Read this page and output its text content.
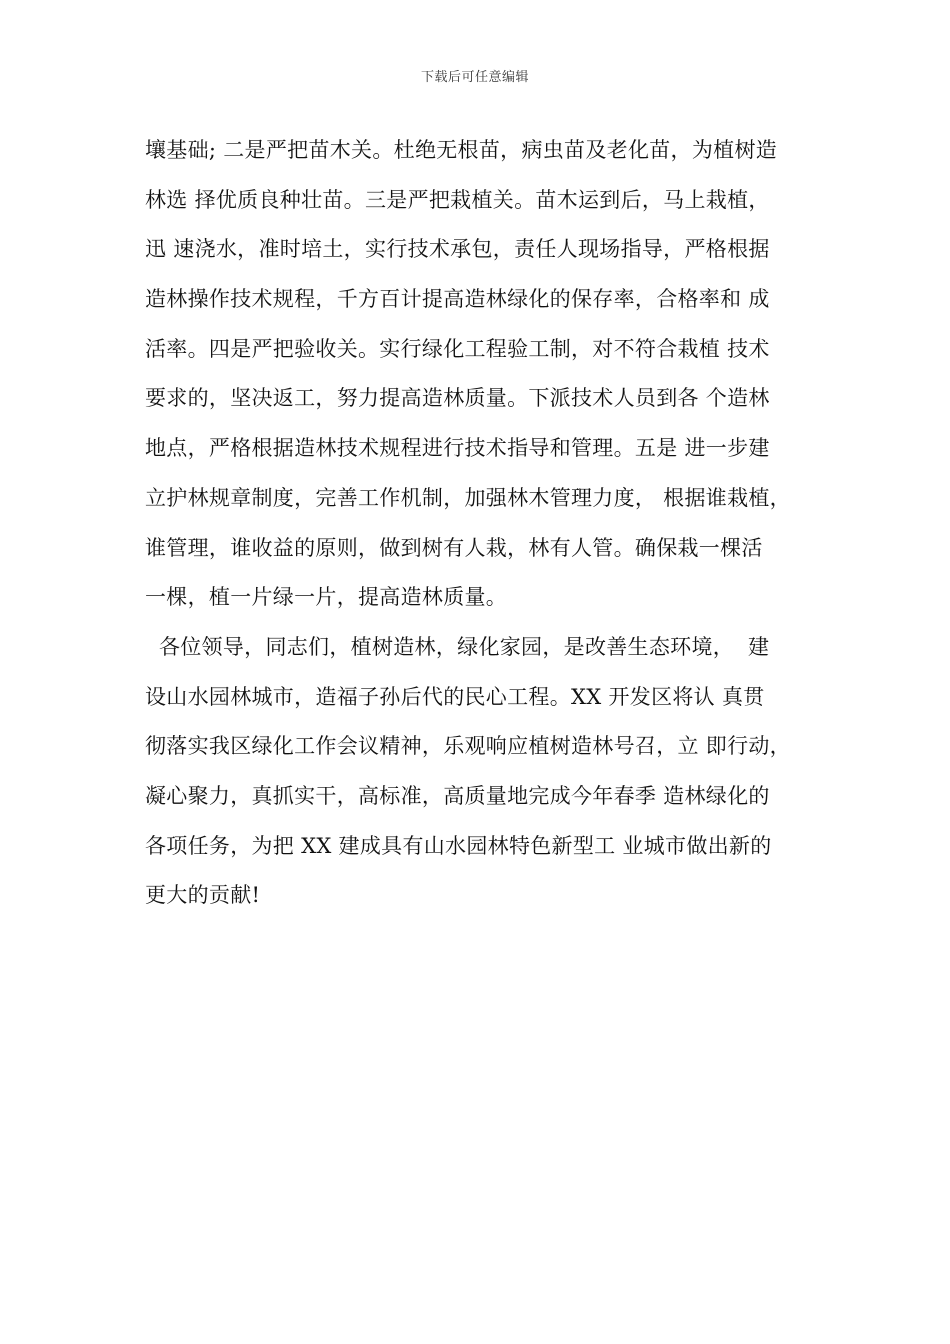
下载后可任意编辑
壤基础; 二是严把苗木关。杜绝无根苗，病虫苗及老化苗，为植树造
林选 择优质良种壮苗。三是严把栽植关。苗木运到后，马上栽植，
迅 速浇水，准时培土，实行技术承包，责任人现场指导，严格根据
造林操作技术规程，千方百计提高造林绿化的保存率，合格率和 成
活率。四是严把验收关。实行绿化工程验工制，对不符合栽植 技术
要求的，坚决返工，努力提高造林质量。下派技术人员到各 个造林
地点，严格根据造林技术规程进行技术指导和管理。五是 进一步建
立护林规章制度，完善工作机制，加强林木管理力度， 根据谁栽植，
谁管理，谁收益的原则，做到树有人栽，林有人管。确保栽一棵活
一棵，植一片绿一片，提高造林质量。
各位领导，同志们，植树造林，绿化家园，是改善生态环境，  建
设山水园林城市，造福子孙后代的民心工程。XX 开发区将认 真贯
彻落实我区绿化工作会议精神，乐观响应植树造林号召，立 即行动，
凝心聚力，真抓实干，高标准，高质量地完成今年春季 造林绿化的
各项任务，为把 XX 建成具有山水园林特色新型工 业城市做出新的
更大的贡献!
